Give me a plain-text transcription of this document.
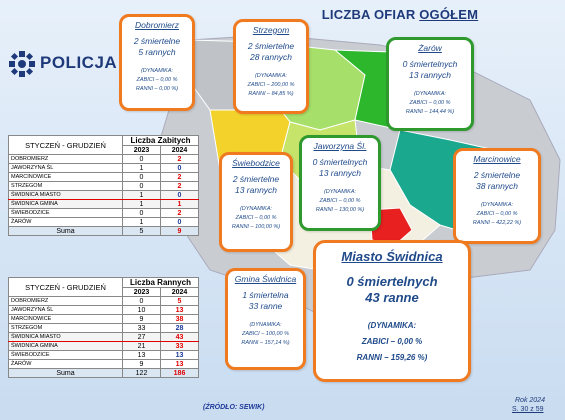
LICZBA OFIAR OGÓŁEM
POLICJA
Dobromierz
2 śmiertelne
5 rannych
(DYNAMIKA:
ZABICI – 0,00 %
RANNI – 0,00 %)
Strzegom
2 śmiertelne
28 rannych
(DYNAMIKA:
ZABICI – 200,00 %
RANNI – 84,85 %)
Żarów
0 śmiertelnych
13 rannych
(DYNAMIKA:
ZABICI – 0,00 %
RANNI – 144,44 %)
Jaworzyna Śl.
0 śmiertelnych
13 rannych
(DYNAMIKA:
ZABICI – 0,00 %
RANNI – 130,00 %)
Marcinowice
2 śmiertelne
38 rannych
(DYNAMIKA:
ZABICI – 0,00 %
RANNI – 422,22 %)
Świebodzice
2 śmiertelne
13 rannych
(DYNAMIKA:
ZABICI – 0,00 %
RANNI – 100,00 %)
Gmina Świdnica
1 śmiertelna
33 ranne
(DYNAMIKA:
ZABICI – 100,00 %
RANNI – 157,14 %)
Miasto Świdnica
0 śmiertelnych
43 ranne
(DYNAMIKA:
ZABICI – 0,00 %
RANNI – 159,26 %)
STYCZEŃ - GRUDZIEŃ	Liczba Zabitych	
	2023	2024
DOBROMIERZ	0	2
JAWORZYNA ŚL	1	0
MARCINOWICE	0	2
STRZEGOM	0	2
ŚWIDNICA MIASTO	1	0
ŚWIDNICA GMINA	1	1
ŚWIEBODZICE	0	2
ŻARÓW	1	0
Suma	5	9
STYCZEŃ - GRUDZIEŃ	Liczba Rannych	
	2023	2024
DOBROMIERZ	0	5
JAWORZYNA ŚL	10	13
MARCINOWICE	9	38
STRZEGOM	33	28
ŚWIDNICA MIASTO	27	43
ŚWIDNICA GMINA	21	33
ŚWIEBODZICE	13	13
ŻARÓW	9	13
Suma	122	186
(ŹRÓDŁO: SEWIK)
Rok 2024
S. 30 z 59
